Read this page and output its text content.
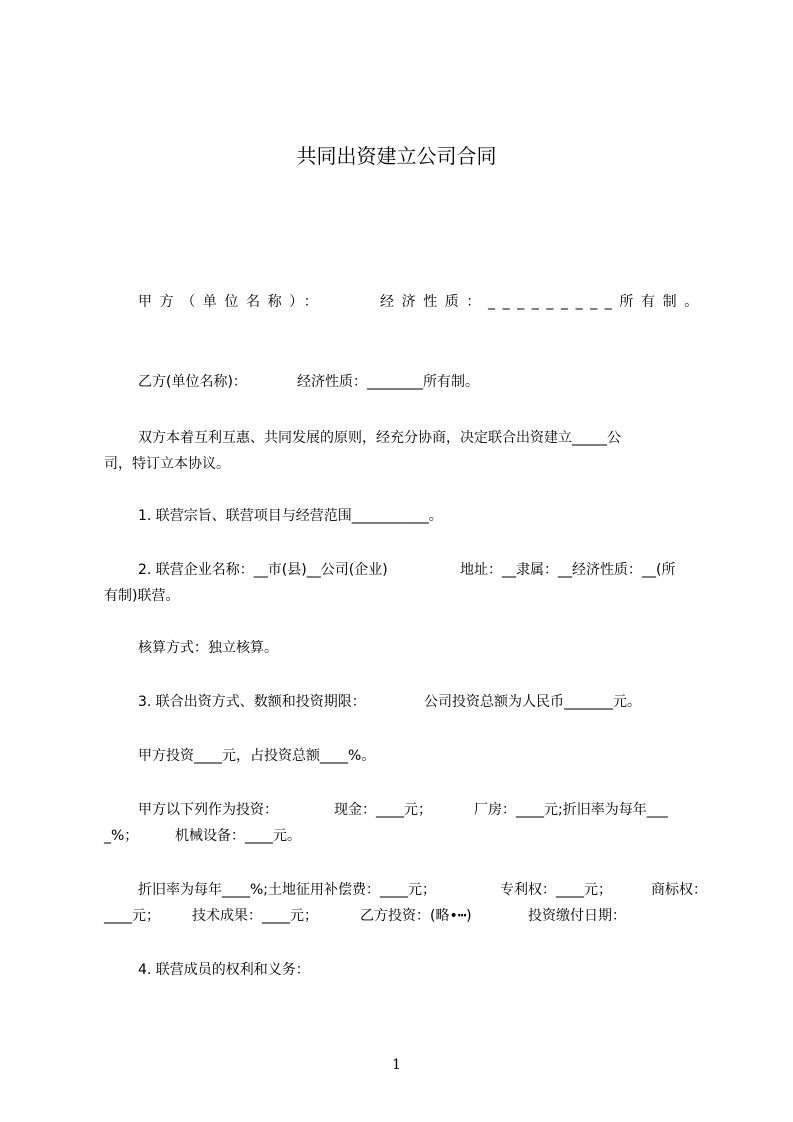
共同出资建立公司合同
甲方（单位名称）：	经济性质：_________所有制。
乙方(单位名称)：	经济性质：________所有制。
双方本着互利互惠、共同发展的原则，经充分协商，决定联合出资建立_____公
司，特订立本协议。
1. 联营宗旨、联营项目与经营范围___________。
2. 联营企业名称：__市(县)__公司(企业)	地址：__隶属：__经济性质：__(所
有制)联营。
核算方式：独立核算。
3. 联合出资方式、数额和投资期限：	公司投资总额为人民币_______元。
甲方投资____元，占投资总额____%。
甲方以下列作为投资：	现金：____元；	厂房：____元;折旧率为每年___
_%；	机械设备：____元。
折旧率为每年____%;土地征用补偿费：____元；	专利权：____元；	商标权：
____元； 技术成果：____元；	乙方投资：(略•┅)	投资缴付日期：
4. 联营成员的权利和义务：
1
